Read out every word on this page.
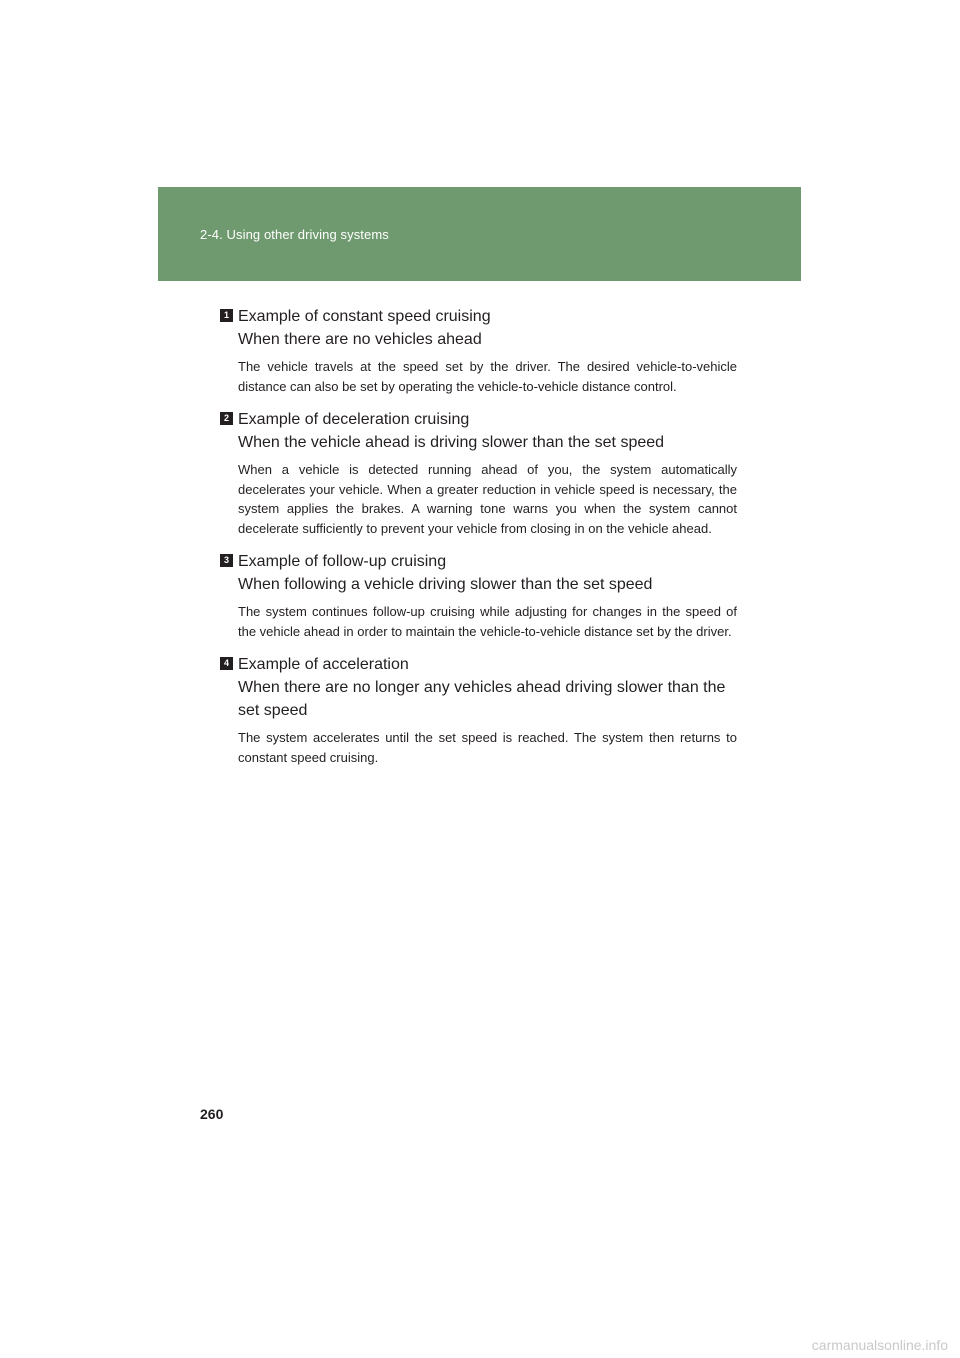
2-4. Using other driving systems
1 Example of constant speed cruising
When there are no vehicles ahead
The vehicle travels at the speed set by the driver. The desired vehicle-to-vehicle distance can also be set by operating the vehicle-to-vehicle distance control.
2 Example of deceleration cruising
When the vehicle ahead is driving slower than the set speed
When a vehicle is detected running ahead of you, the system automatically decelerates your vehicle. When a greater reduction in vehicle speed is necessary, the system applies the brakes. A warning tone warns you when the system cannot decelerate sufficiently to prevent your vehicle from closing in on the vehicle ahead.
3 Example of follow-up cruising
When following a vehicle driving slower than the set speed
The system continues follow-up cruising while adjusting for changes in the speed of the vehicle ahead in order to maintain the vehicle-to-vehicle distance set by the driver.
4 Example of acceleration
When there are no longer any vehicles ahead driving slower than the set speed
The system accelerates until the set speed is reached. The system then returns to constant speed cruising.
260
carmanualsonline.info
